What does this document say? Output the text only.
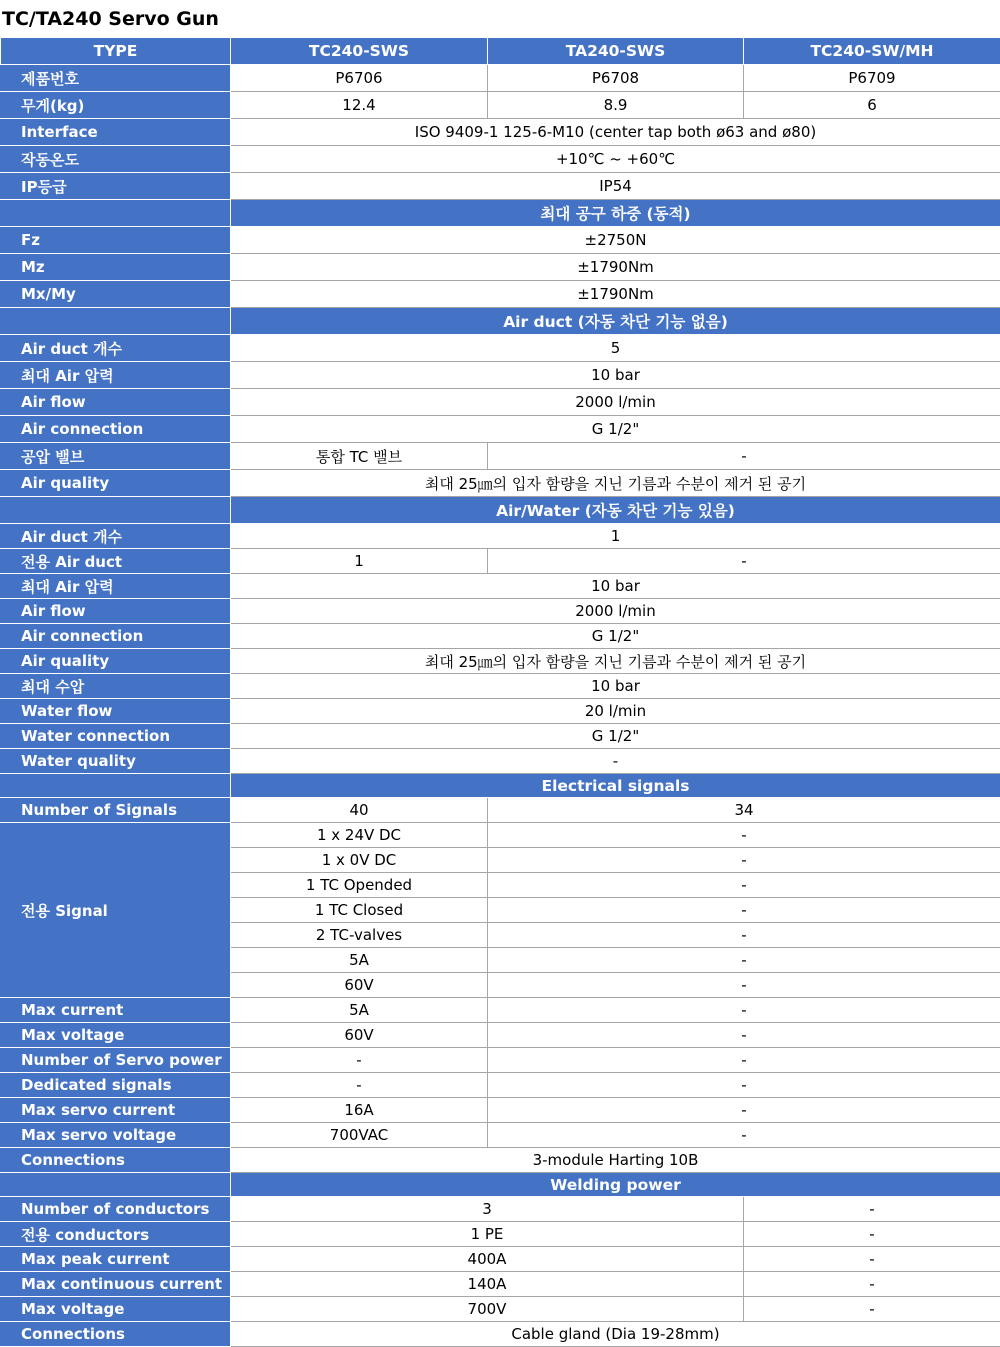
TC/TA240 Servo Gun
TYPE	TC240-SWS	TA240-SWS	TC240-SW/MH
제품번호	P6706	P6708	P6709
무게(kg)	12.4	8.9	6
Interface	ISO 9409-1 125-6-M10 (center tap both ø63 and ø80)		
작동온도	+10℃ ~ +60℃		
IP등급	IP54		
	최대 공구 하중 (동적)		
Fz	±2750N		
Mz	±1790Nm		
Mx/My	±1790Nm		
	Air duct (자동 차단 기능 없음)		
Air duct 개수	5		
최대 Air 압력	10 bar		
Air flow	2000 l/min		
Air connection	G 1/2"		
공압 밸브	통합 TC 밸브	-	
Air quality	최대 25㎛의 입자 함량을 지닌 기름과 수분이 제거 된 공기		
	Air/Water (자동 차단 기능 있음)		
Air duct 개수	1		
전용 Air duct	1	-	
최대 Air 압력	10 bar		
Air flow	2000 l/min		
Air connection	G 1/2"		
Air quality	최대 25㎛의 입자 함량을 지닌 기름과 수분이 제거 된 공기		
최대 수압	10 bar		
Water flow	20 l/min		
Water connection	G 1/2"		
Water quality	-		
	Electrical signals		
Number of Signals	40	34	
전용 Signal	1 x 24V DC	-	
	1 x 0V DC	-	
	1 TC Opended	-	
	1 TC Closed	-	
	2 TC-valves	-	
	5A	-	
	60V	-	
Max current	5A	-	
Max voltage	60V	-	
Number of Servo power	-	-	
Dedicated signals	-	-	
Max servo current	16A	-	
Max servo voltage	700VAC	-	
Connections	3-module Harting 10B		
	Welding power		
Number of conductors	3		-
전용 conductors	1 PE		-
Max peak current	400A		-
Max continuous current	140A		-
Max voltage	700V		-
Connections	Cable gland (Dia 19-28mm)		
